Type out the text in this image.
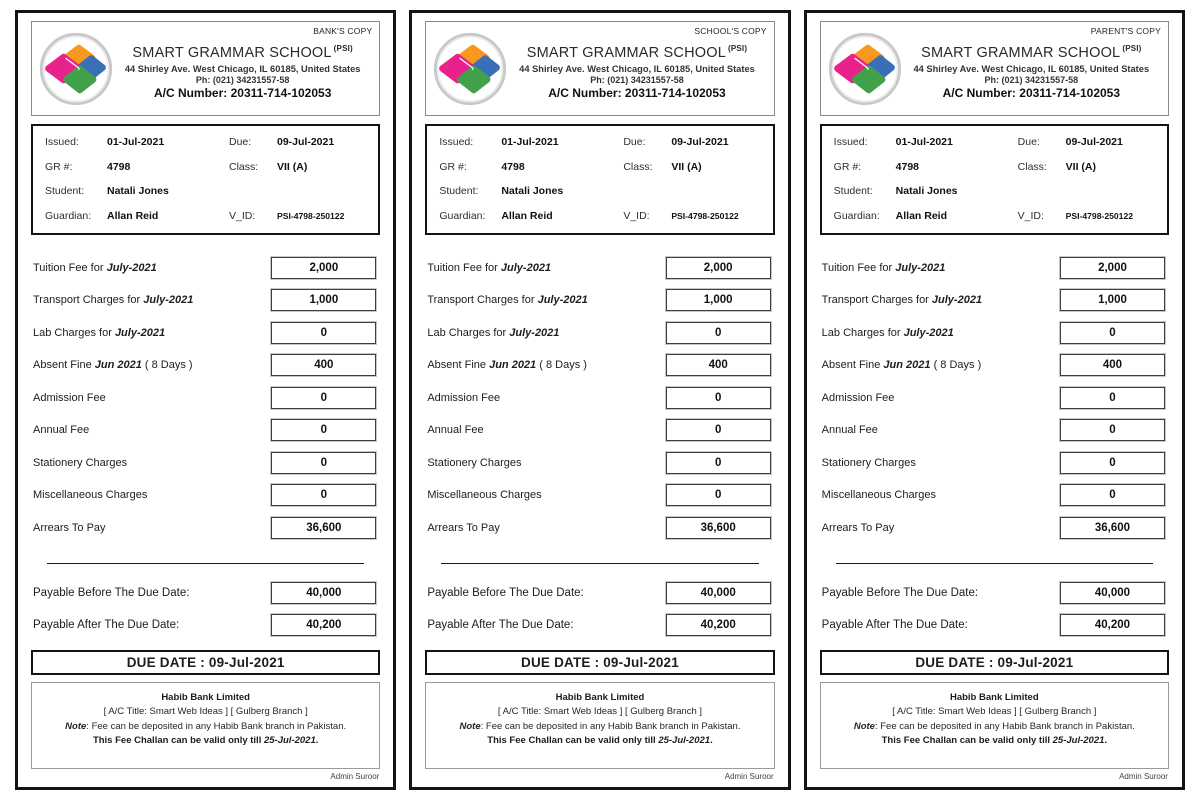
BANK'S COPY
SMART GRAMMAR SCHOOL $^{(PSI)}$
44 Shirley Ave. West Chicago, IL 60185, United States
Ph: (021) 34231557-58
A/C Number: 20311-714-102053
Issued:	01-Jul-2021	Due:	09-Jul-2021
GR #:	4798	Class:	VII (A)
Student:	Natali Jones
Guardian:	Allan Reid	V_ID:	PSI-4798-250122
Tuition Fee for July-2021	2,000
Transport Charges for July-2021	1,000
Lab Charges for July-2021	0
Absent Fine Jun 2021 ( 8 Days )	400
Admission Fee	0
Annual Fee	0
Stationery Charges	0
Miscellaneous Charges	0
Arrears To Pay	36,600
Payable Before The Due Date:	40,000
Payable After The Due Date:	40,200
DUE DATE : 09-Jul-2021
Habib Bank Limited
[ A/C Title: Smart Web Ideas ] [ Gulberg Branch ]
Note: Fee can be deposited in any Habib Bank branch in Pakistan.
This Fee Challan can be valid only till 25-Jul-2021.
Admin Suroor
SCHOOL'S COPY
SMART GRAMMAR SCHOOL $^{(PSI)}$
44 Shirley Ave. West Chicago, IL 60185, United States
Ph: (021) 34231557-58
A/C Number: 20311-714-102053
Issued:	01-Jul-2021	Due:	09-Jul-2021
GR #:	4798	Class:	VII (A)
Student:	Natali Jones
Guardian:	Allan Reid	V_ID:	PSI-4798-250122
Tuition Fee for July-2021	2,000
Transport Charges for July-2021	1,000
Lab Charges for July-2021	0
Absent Fine Jun 2021 ( 8 Days )	400
Admission Fee	0
Annual Fee	0
Stationery Charges	0
Miscellaneous Charges	0
Arrears To Pay	36,600
Payable Before The Due Date:	40,000
Payable After The Due Date:	40,200
DUE DATE : 09-Jul-2021
Habib Bank Limited
[ A/C Title: Smart Web Ideas ] [ Gulberg Branch ]
Note: Fee can be deposited in any Habib Bank branch in Pakistan.
This Fee Challan can be valid only till 25-Jul-2021.
Admin Suroor
PARENT'S COPY
SMART GRAMMAR SCHOOL $^{(PSI)}$
44 Shirley Ave. West Chicago, IL 60185, United States
Ph: (021) 34231557-58
A/C Number: 20311-714-102053
Issued:	01-Jul-2021	Due:	09-Jul-2021
GR #:	4798	Class:	VII (A)
Student:	Natali Jones
Guardian:	Allan Reid	V_ID:	PSI-4798-250122
Tuition Fee for July-2021	2,000
Transport Charges for July-2021	1,000
Lab Charges for July-2021	0
Absent Fine Jun 2021 ( 8 Days )	400
Admission Fee	0
Annual Fee	0
Stationery Charges	0
Miscellaneous Charges	0
Arrears To Pay	36,600
Payable Before The Due Date:	40,000
Payable After The Due Date:	40,200
DUE DATE : 09-Jul-2021
Habib Bank Limited
[ A/C Title: Smart Web Ideas ] [ Gulberg Branch ]
Note: Fee can be deposited in any Habib Bank branch in Pakistan.
This Fee Challan can be valid only till 25-Jul-2021.
Admin Suroor
